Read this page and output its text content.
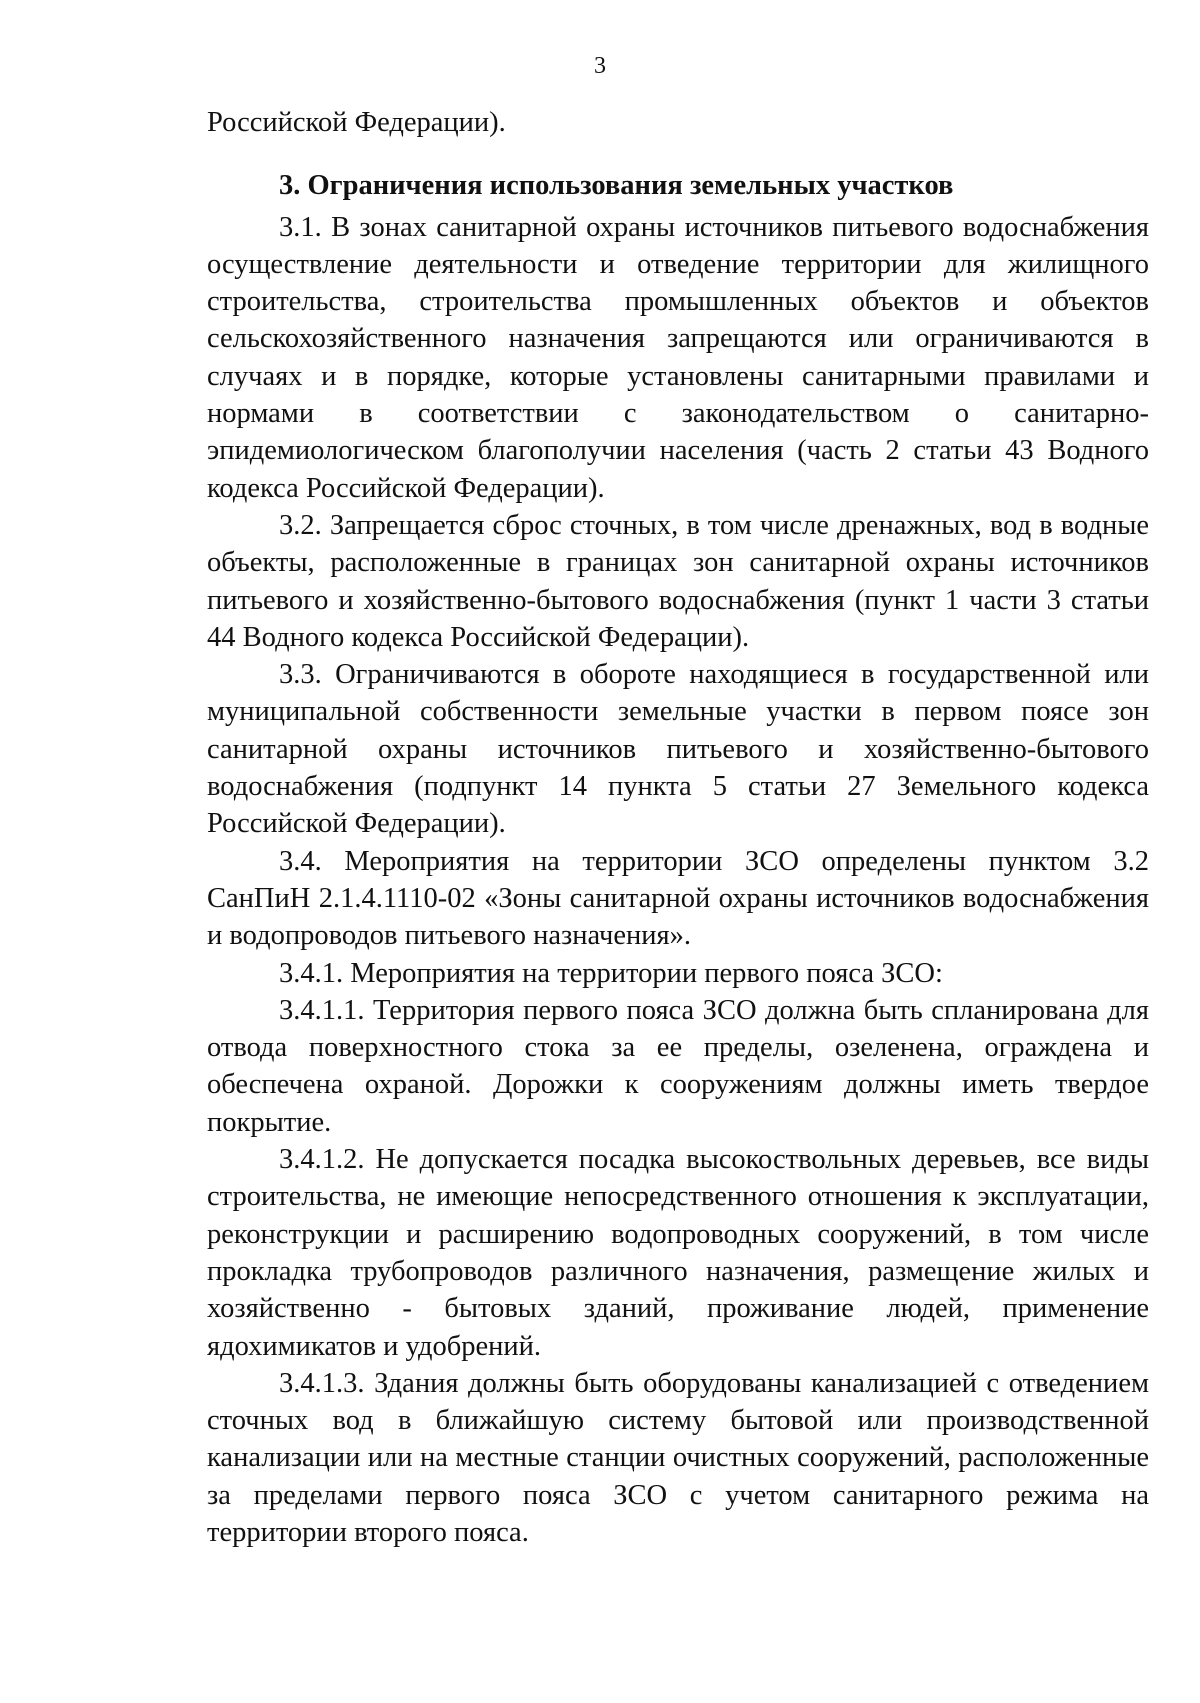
3

Российской Федерации).

3. Ограничения использования земельных участков

3.1. В зонах санитарной охраны источников питьевого водоснабжения осуществление деятельности и отведение территории для жилищного строительства, строительства промышленных объектов и объектов сельскохозяйственного назначения запрещаются или ограничиваются в случаях и в порядке, которые установлены санитарными правилами и нормами в соответствии с законодательством о санитарно-эпидемиологическом благополучии населения (часть 2 статьи 43 Водного кодекса Российской Федерации).

3.2. Запрещается сброс сточных, в том числе дренажных, вод в водные объекты, расположенные в границах зон санитарной охраны источников питьевого и хозяйственно-бытового водоснабжения (пункт 1 части 3 статьи 44 Водного кодекса Российской Федерации).

3.3. Ограничиваются в обороте находящиеся в государственной или муниципальной собственности земельные участки в первом поясе зон санитарной охраны источников питьевого и хозяйственно-бытового водоснабжения (подпункт 14 пункта 5 статьи 27 Земельного кодекса Российской Федерации).

3.4. Мероприятия на территории ЗСО определены пунктом 3.2 СанПиН 2.1.4.1110-02 «Зоны санитарной охраны источников водоснабжения и водопроводов питьевого назначения».

3.4.1. Мероприятия на территории первого пояса ЗСО:

3.4.1.1. Территория первого пояса ЗСО должна быть спланирована для отвода поверхностного стока за ее пределы, озеленена, ограждена и обеспечена охраной. Дорожки к сооружениям должны иметь твердое покрытие.

3.4.1.2. Не допускается посадка высокоствольных деревьев, все виды строительства, не имеющие непосредственного отношения к эксплуатации, реконструкции и расширению водопроводных сооружений, в том числе прокладка трубопроводов различного назначения, размещение жилых и хозяйственно - бытовых зданий, проживание людей, применение ядохимикатов и удобрений.

3.4.1.3. Здания должны быть оборудованы канализацией с отведением сточных вод в ближайшую систему бытовой или производственной канализации или на местные станции очистных сооружений, расположенные за пределами первого пояса ЗСО с учетом санитарного режима на территории второго пояса.
